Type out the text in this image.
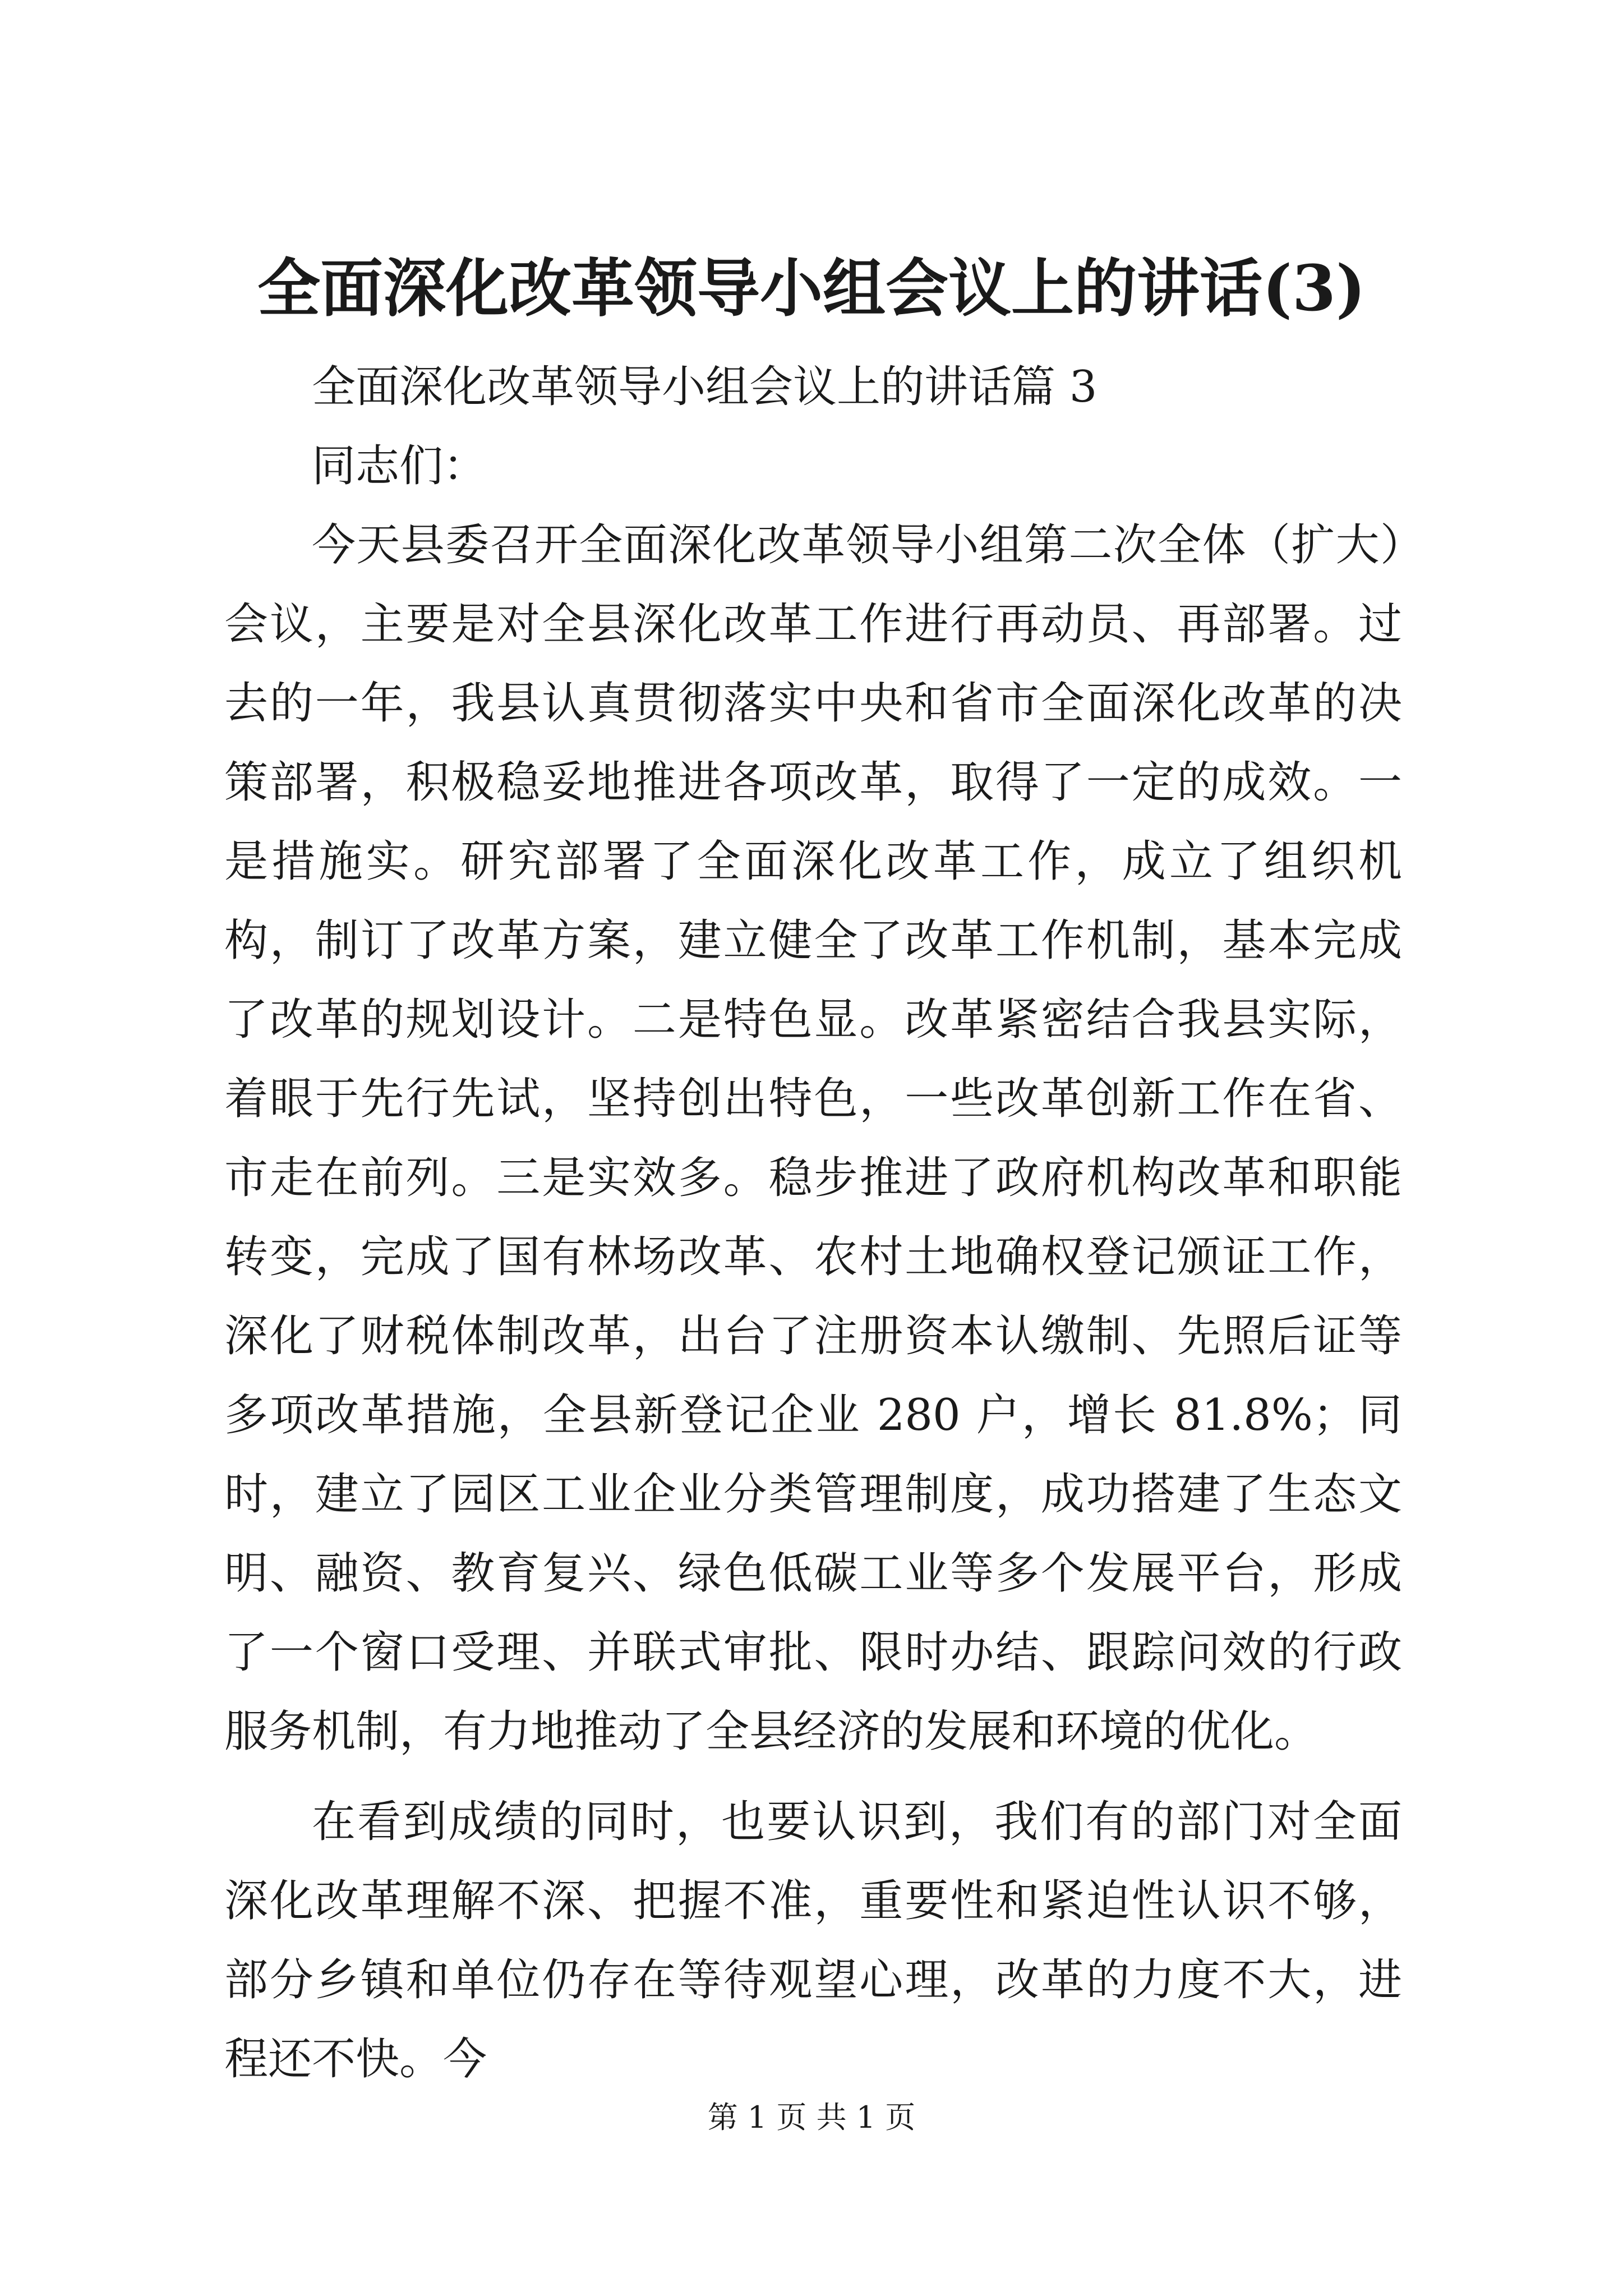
全面深化改革领导小组会议上的讲话(3)

全面深化改革领导小组会议上的讲话篇 3

同志们：

今天县委召开全面深化改革领导小组第二次全体（扩大）会议，主要是对全县深化改革工作进行再动员、再部署。过去的一年，我县认真贯彻落实中央和省市全面深化改革的决策部署，积极稳妥地推进各项改革，取得了一定的成效。一是措施实。研究部署了全面深化改革工作，成立了组织机构，制订了改革方案，建立健全了改革工作机制，基本完成了改革的规划设计。二是特色显。改革紧密结合我县实际，着眼于先行先试，坚持创出特色，一些改革创新工作在省、市走在前列。三是实效多。稳步推进了政府机构改革和职能转变，完成了国有林场改革、农村土地确权登记颁证工作，深化了财税体制改革，出台了注册资本认缴制、先照后证等多项改革措施，全县新登记企业 280 户，增长 81.8%；同时，建立了园区工业企业分类管理制度，成功搭建了生态文明、融资、教育复兴、绿色低碳工业等多个发展平台，形成了一个窗口受理、并联式审批、限时办结、跟踪问效的行政服务机制，有力地推动了全县经济的发展和环境的优化。

在看到成绩的同时，也要认识到，我们有的部门对全面深化改革理解不深、把握不准，重要性和紧迫性认识不够，部分乡镇和单位仍存在等待观望心理，改革的力度不大，进程还不快。今

第 1 页 共 1 页
